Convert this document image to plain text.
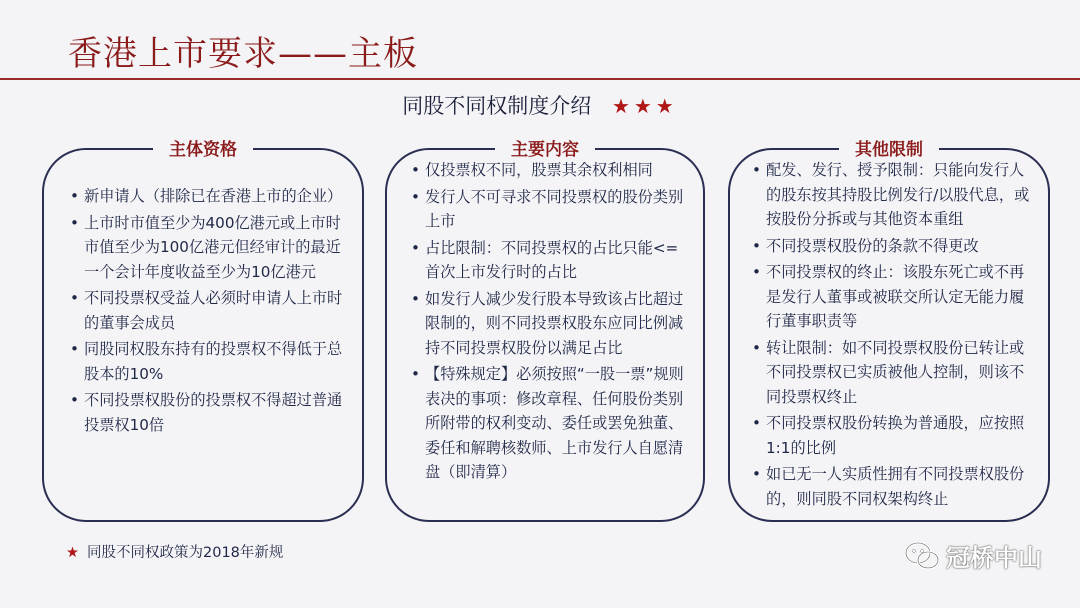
香港上市要求——主板
同股不同权制度介绍 ★★★
主体资格
• 新申请人（排除已在香港上市的企业）
• 上市时市值至少为400亿港元或上市时市值至少为100亿港元但经审计的最近一个会计年度收益至少为10亿港元
• 不同投票权受益人必须时申请人上市时的董事会成员
• 同股同权股东持有的投票权不得低于总股本的10%
• 不同投票权股份的投票权不得超过普通投票权10倍
主要内容
• 仅投票权不同，股票其余权利相同
• 发行人不可寻求不同投票权的股份类别上市
• 占比限制：不同投票权的占比只能<=首次上市发行时的占比
• 如发行人减少发行股本导致该占比超过限制的，则不同投票权股东应同比例减持不同投票权股份以满足占比
• 【特殊规定】必须按照“一股一票”规则表决的事项：修改章程、任何股份类别所附带的权利变动、委任或罢免独董、委任和解聘核数师、上市发行人自愿清盘（即清算）
其他限制
• 配发、发行、授予限制：只能向发行人的股东按其持股比例发行/以股代息，或按股份分拆或与其他资本重组
• 不同投票权股份的条款不得更改
• 不同投票权的终止：该股东死亡或不再是发行人董事或被联交所认定无能力履行董事职责等
• 转让限制：如不同投票权股份已转让或不同投票权已实质被他人控制，则该不同投票权终止
• 不同投票权股份转换为普通股，应按照1:1的比例
• 如已无一人实质性拥有不同投票权股份的，则同股不同权架构终止
★ 同股不同权政策为2018年新规	冠桥中山
